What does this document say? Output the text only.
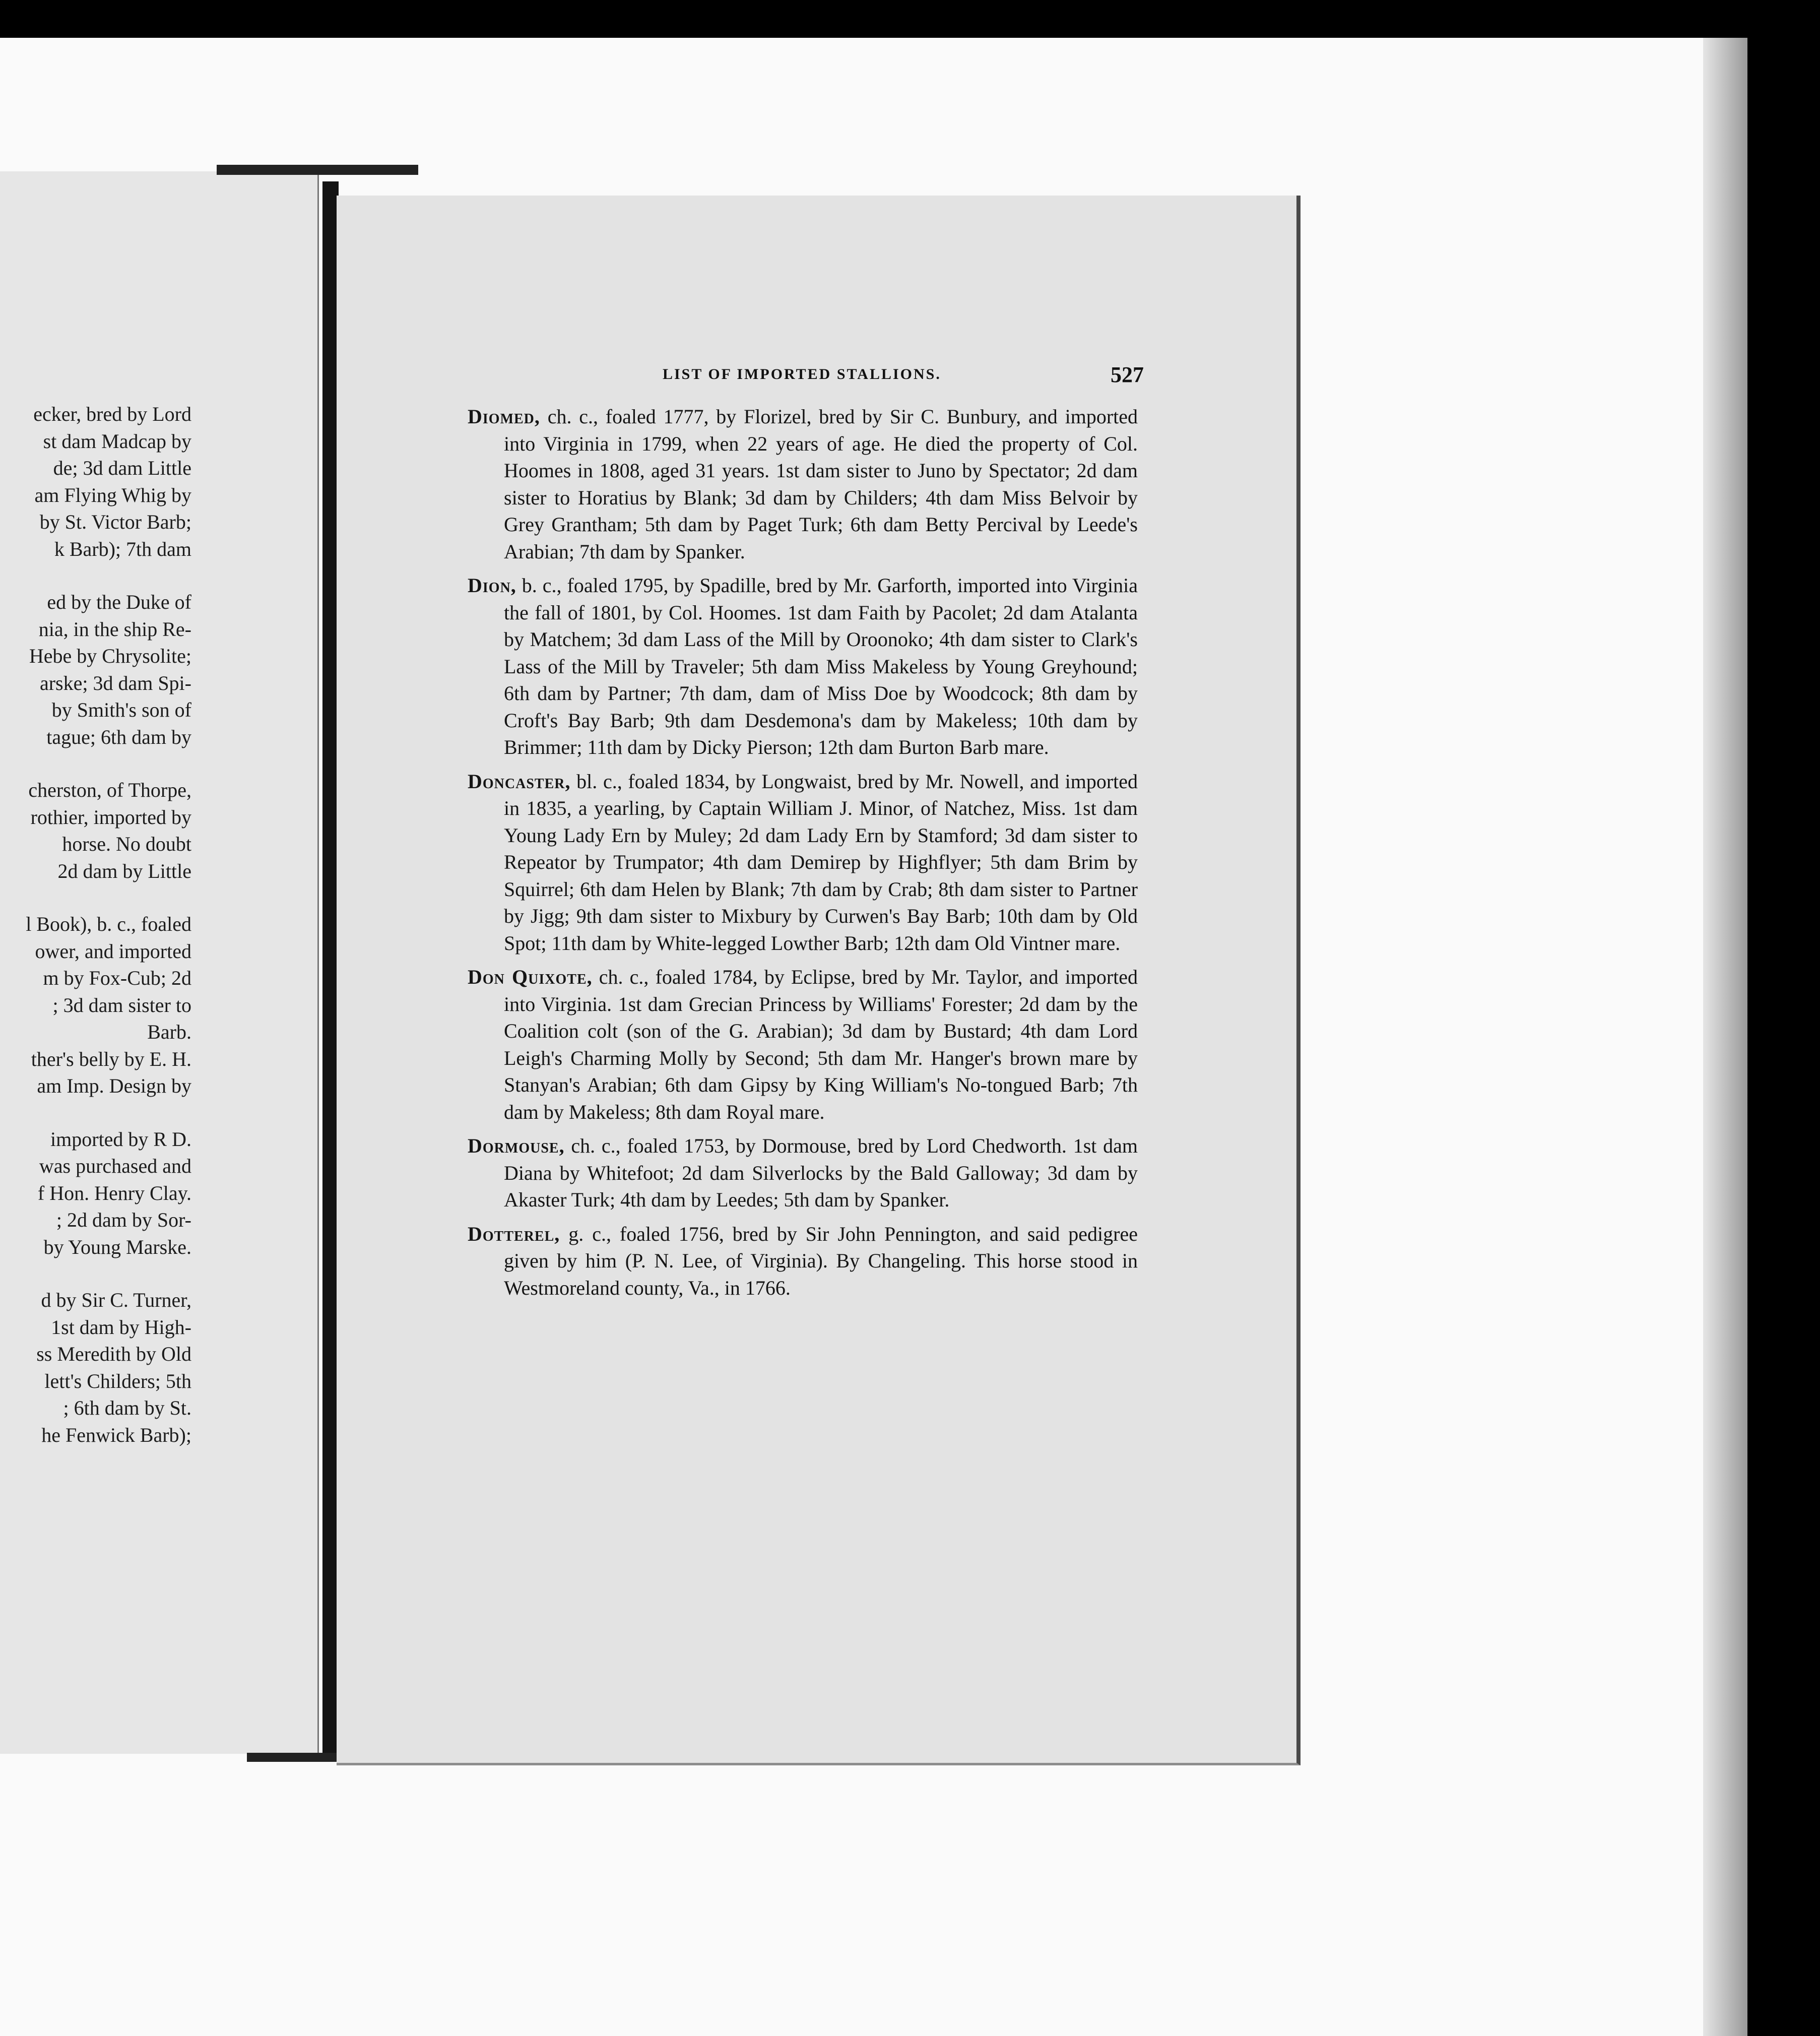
ecker, bred by Lord
st dam Madcap by
de; 3d dam Little
am Flying Whig by
by St. Victor Barb;
k Barb); 7th dam
ed by the Duke of
nia, in the ship Re-
Hebe by Chrysolite;
arske; 3d dam Spi-
by Smith's son of
tague; 6th dam by
cherston, of Thorpe,
rothier, imported by
horse. No doubt
2d dam by Little
l Book), b. c., foaled
ower, and imported
m by Fox-Cub; 2d
; 3d dam sister to
Barb.
ther's belly by E. H.
am Imp. Design by
imported by R D.
was purchased and
f Hon. Henry Clay.
; 2d dam by Sor-
by Young Marske.
d by Sir C. Turner,
1st dam by High-
ss Meredith by Old
lett's Childers; 5th
; 6th dam by St.
he Fenwick Barb);
LIST OF IMPORTED STALLIONS.	527

Diomed, ch. c., foaled 1777, by Florizel, bred by Sir C. Bunbury, and imported into Virginia in 1799, when 22 years of age. He died the property of Col. Hoomes in 1808, aged 31 years. 1st dam sister to Juno by Spectator; 2d dam sister to Horatius by Blank; 3d dam by Childers; 4th dam Miss Belvoir by Grey Grantham; 5th dam by Paget Turk; 6th dam Betty Percival by Leede's Arabian; 7th dam by Spanker.

Dion, b. c., foaled 1795, by Spadille, bred by Mr. Garforth, imported into Virginia the fall of 1801, by Col. Hoomes. 1st dam Faith by Pacolet; 2d dam Atalanta by Matchem; 3d dam Lass of the Mill by Oroonoko; 4th dam sister to Clark's Lass of the Mill by Traveler; 5th dam Miss Makeless by Young Greyhound; 6th dam by Partner; 7th dam, dam of Miss Doe by Woodcock; 8th dam by Croft's Bay Barb; 9th dam Desdemona's dam by Makeless; 10th dam by Brimmer; 11th dam by Dicky Pierson; 12th dam Burton Barb mare.

Doncaster, bl. c., foaled 1834, by Longwaist, bred by Mr. Nowell, and imported in 1835, a yearling, by Captain William J. Minor, of Natchez, Miss. 1st dam Young Lady Ern by Muley; 2d dam Lady Ern by Stamford; 3d dam sister to Repeator by Trumpator; 4th dam Demirep by Highflyer; 5th dam Brim by Squirrel; 6th dam Helen by Blank; 7th dam by Crab; 8th dam sister to Partner by Jigg; 9th dam sister to Mixbury by Curwen's Bay Barb; 10th dam by Old Spot; 11th dam by White-legged Lowther Barb; 12th dam Old Vintner mare.

Don Quixote, ch. c., foaled 1784, by Eclipse, bred by Mr. Taylor, and imported into Virginia. 1st dam Grecian Princess by Williams' Forester; 2d dam by the Coalition colt (son of the G. Arabian); 3d dam by Bustard; 4th dam Lord Leigh's Charming Molly by Second; 5th dam Mr. Hanger's brown mare by Stanyan's Arabian; 6th dam Gipsy by King William's No-tongued Barb; 7th dam by Makeless; 8th dam Royal mare.

Dormouse, ch. c., foaled 1753, by Dormouse, bred by Lord Chedworth. 1st dam Diana by Whitefoot; 2d dam Silverlocks by the Bald Galloway; 3d dam by Akaster Turk; 4th dam by Leedes; 5th dam by Spanker.

Dotterel, g. c., foaled 1756, bred by Sir John Pennington, and said pedigree given by him (P. N. Lee, of Virginia). By Changeling. This horse stood in Westmoreland county, Va., in 1766.
